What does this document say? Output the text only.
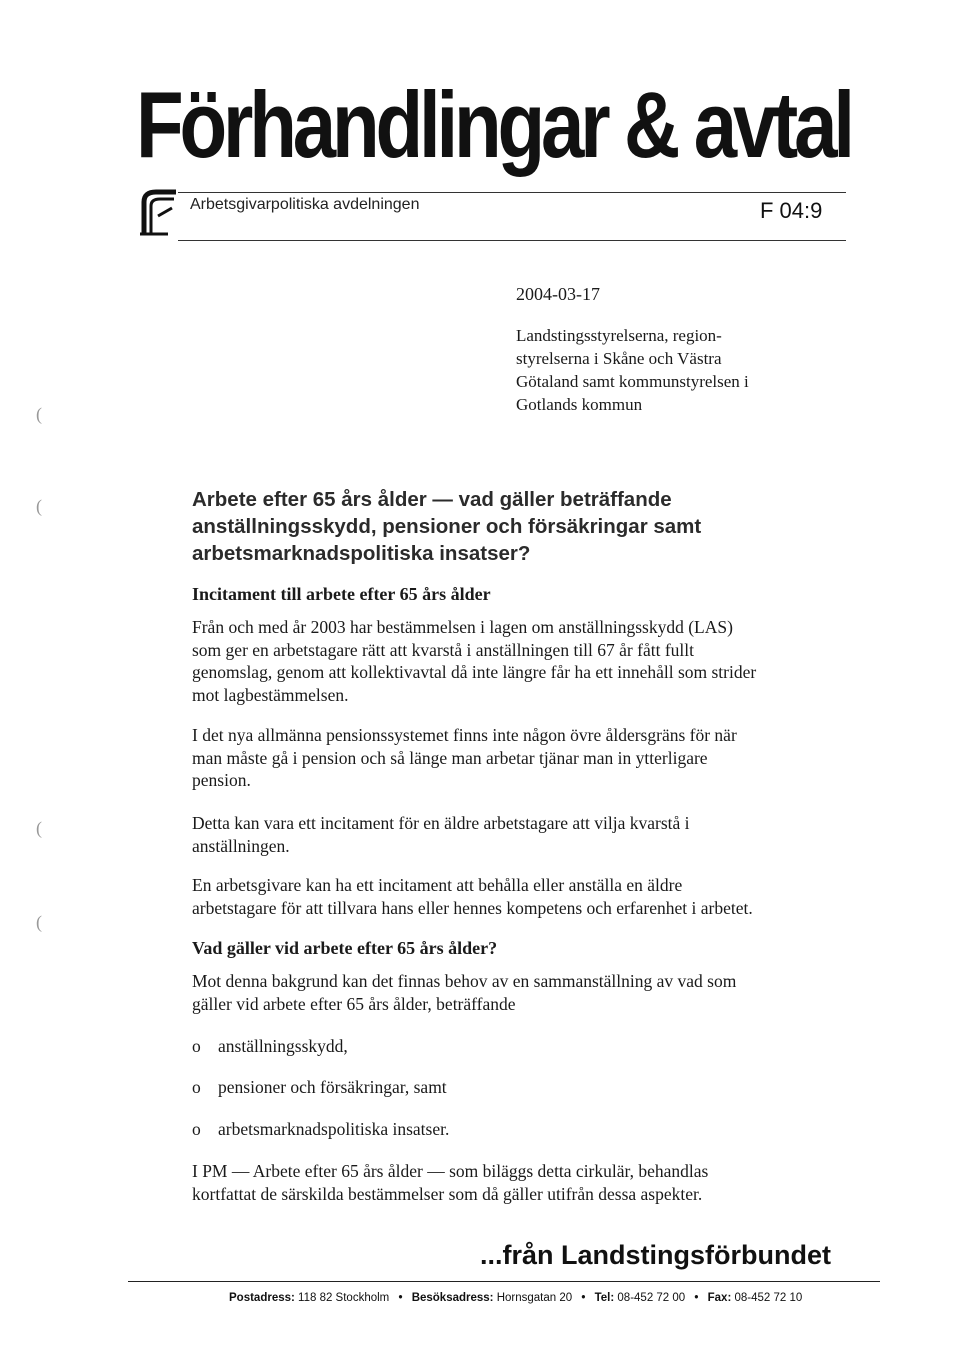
Förhandlingar & avtal
Arbetsgivarpolitiska avdelningen	F 04:9
2004-03-17
Landstingsstyrelserna, region-
styrelserna i Skåne och Västra
Götaland samt kommunstyrelsen i
Gotlands kommun
Arbete efter 65 års ålder — vad gäller beträffande
anställningsskydd, pensioner och försäkringar samt
arbetsmarknadspolitiska insatser?
Incitament till arbete efter 65 års ålder
Från och med år 2003 har bestämmelsen i lagen om anställningsskydd (LAS)
som ger en arbetstagare rätt att kvarstå i anställningen till 67 år fått fullt
genomslag, genom att kollektivavtal då inte längre får ha ett innehåll som strider
mot lagbestämmelsen.
I det nya allmänna pensionssystemet finns inte någon övre åldersgräns för när
man måste gå i pension och så länge man arbetar tjänar man in ytterligare
pension.
Detta kan vara ett incitament för en äldre arbetstagare att vilja kvarstå i
anställningen.
En arbetsgivare kan ha ett incitament att behålla eller anställa en äldre
arbetstagare för att tillvara hans eller hennes kompetens och erfarenhet i arbetet.
Vad gäller vid arbete efter 65 års ålder?
Mot denna bakgrund kan det finnas behov av en sammanställning av vad som
gäller vid arbete efter 65 års ålder, beträffande
o anställningsskydd,
o pensioner och försäkringar, samt
o arbetsmarknadspolitiska insatser.
I PM — Arbete efter 65 års ålder — som biläggs detta cirkulär, behandlas
kortfattat de särskilda bestämmelser som då gäller utifrån dessa aspekter.
...från Landstingsförbundet
Postadress: 118 82 Stockholm • Besöksadress: Hornsgatan 20 • Tel: 08-452 72 00 • Fax: 08-452 72 10
(
(
(
(
